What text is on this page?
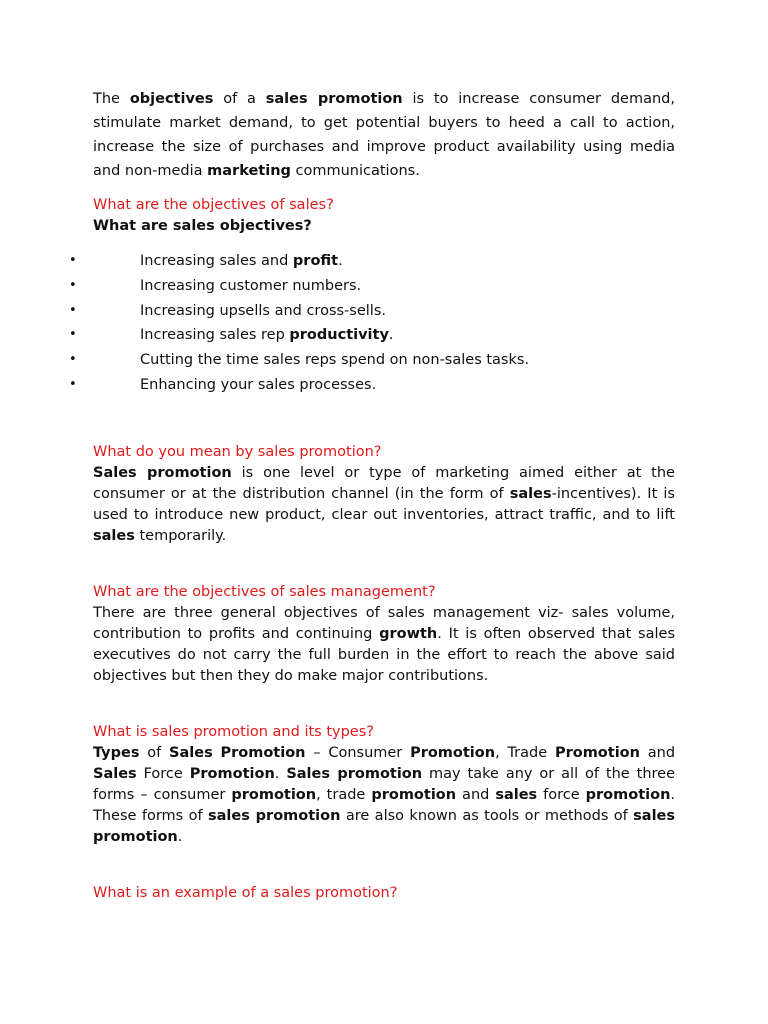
The objectives of a sales promotion is to increase consumer demand, stimulate market demand, to get potential buyers to heed a call to action, increase the size of purchases and improve product availability using media and non-media marketing communications.

What are the objectives of sales?

What are sales objectives?

•	Increasing sales and profit.
•	Increasing customer numbers.
•	Increasing upsells and cross-sells.
•	Increasing sales rep productivity.
•	Cutting the time sales reps spend on non-sales tasks.
•	Enhancing your sales processes.

What do you mean by sales promotion?

Sales promotion is one level or type of marketing aimed either at the consumer or at the distribution channel (in the form of sales-incentives). It is used to introduce new product, clear out inventories, attract traffic, and to lift sales temporarily.

What are the objectives of sales management?

There are three general objectives of sales management viz- sales volume, contribution to profits and continuing growth. It is often observed that sales executives do not carry the full burden in the effort to reach the above said objectives but then they do make major contributions.

What is sales promotion and its types?

Types of Sales Promotion – Consumer Promotion, Trade Promotion and Sales Force Promotion. Sales promotion may take any or all of the three forms – consumer promotion, trade promotion and sales force promotion. These forms of sales promotion are also known as tools or methods of sales promotion.

What is an example of a sales promotion?
